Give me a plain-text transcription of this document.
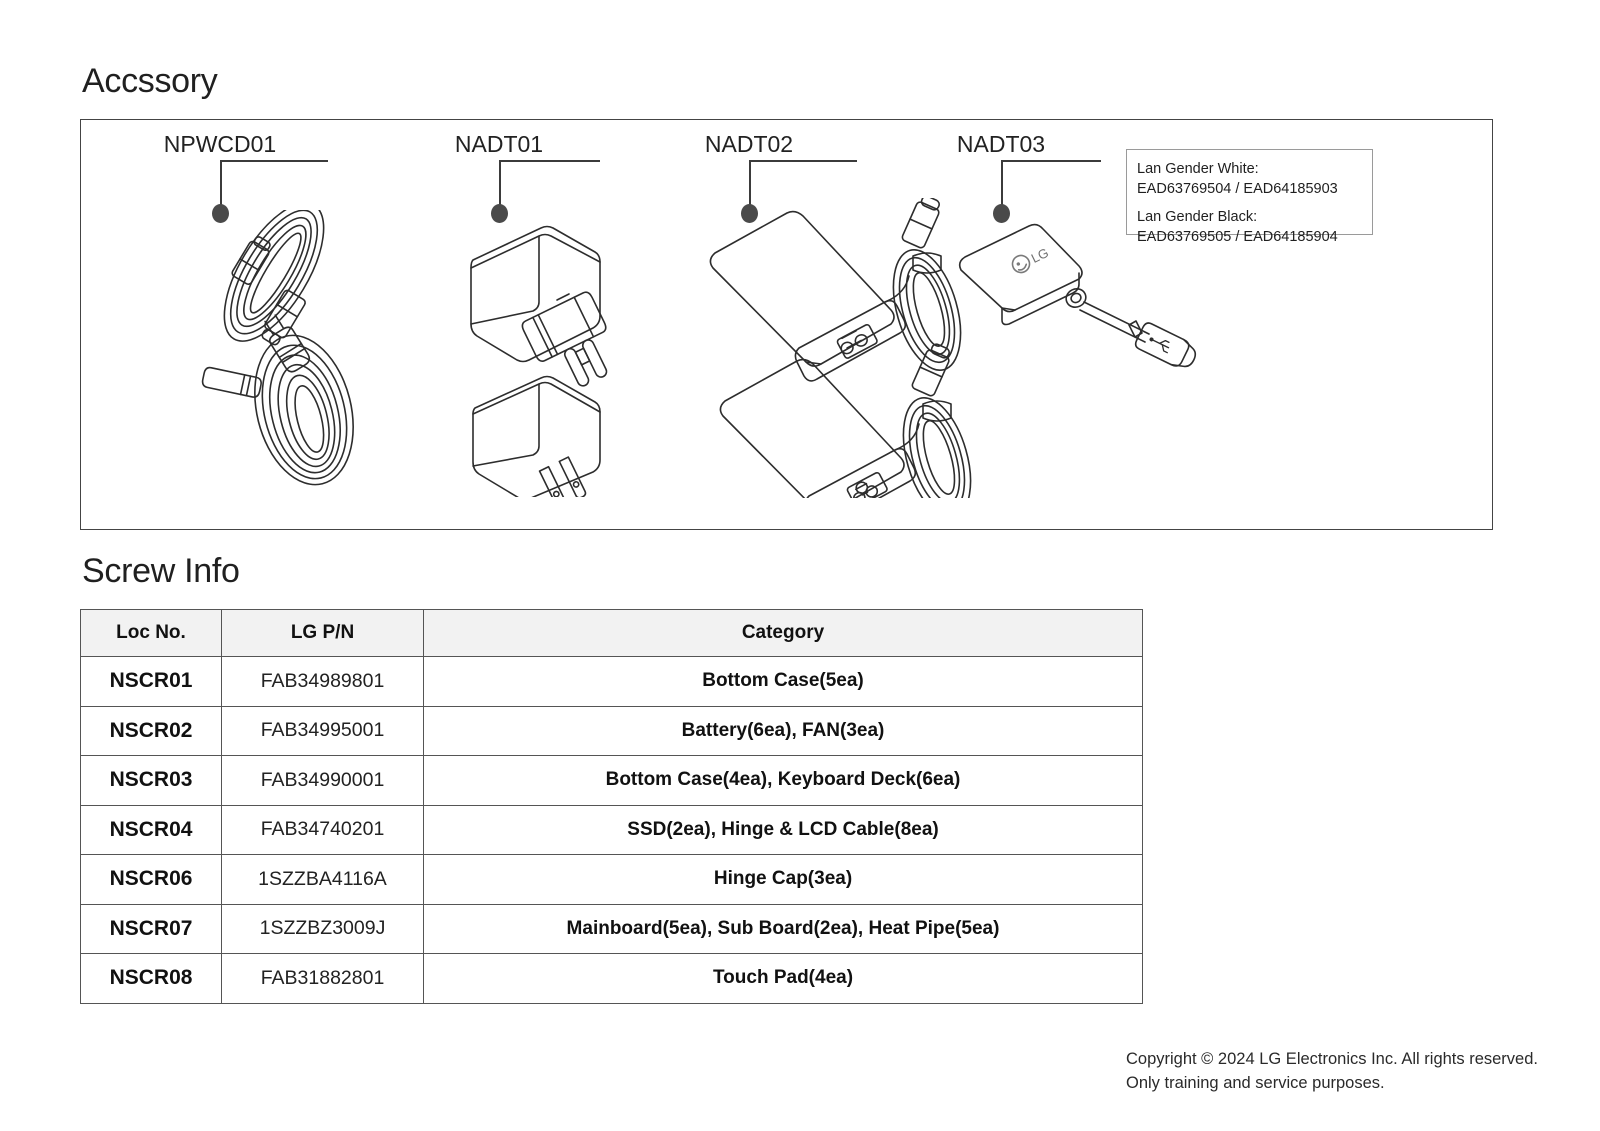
Accssory
NPWCD01	NADT01	NADT02	NADT03
LG
Lan Gender White:
EAD63769504 / EAD64185903
Lan Gender Black:
EAD63769505 / EAD64185904
Screw Info
Loc No.	LG P/N	Category
NSCR01	FAB34989801	Bottom Case(5ea)
NSCR02	FAB34995001	Battery(6ea), FAN(3ea)
NSCR03	FAB34990001	Bottom Case(4ea), Keyboard Deck(6ea)
NSCR04	FAB34740201	SSD(2ea), Hinge & LCD Cable(8ea)
NSCR06	1SZZBA4116A	Hinge Cap(3ea)
NSCR07	1SZZBZ3009J	Mainboard(5ea), Sub Board(2ea), Heat Pipe(5ea)
NSCR08	FAB31882801	Touch Pad(4ea)
Copyright © 2024 LG Electronics Inc. All rights reserved.
Only training and service purposes.
